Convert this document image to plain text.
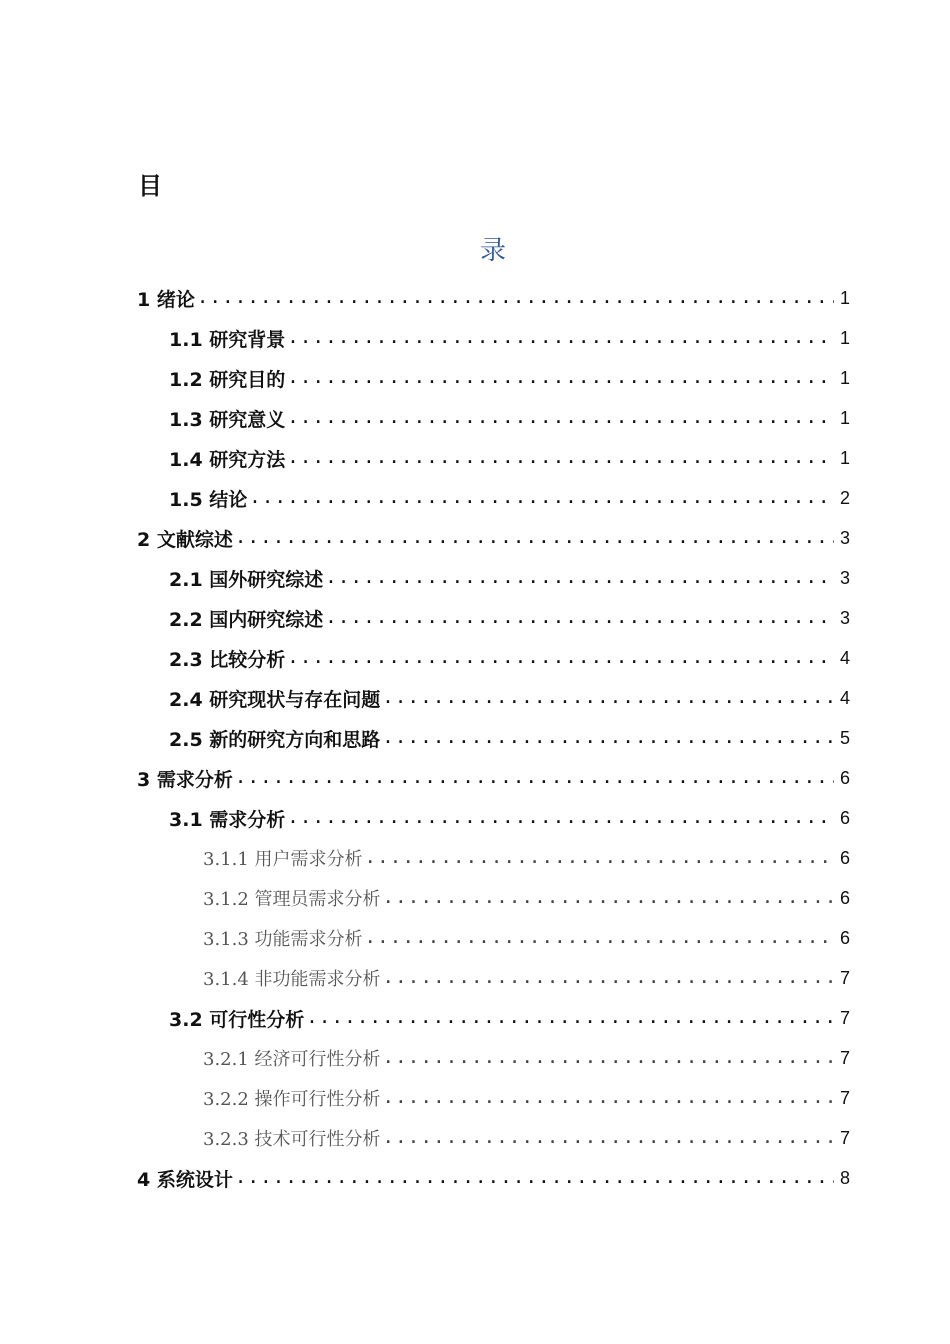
目
录
1 绪论 .....	1
1.1 研究背景 .....	1
1.2 研究目的 .....	1
1.3 研究意义 .....	1
1.4 研究方法 .....	1
1.5 结论 .....	2
2 文献综述 .....	3
2.1 国外研究综述 .....	3
2.2 国内研究综述 .....	3
2.3 比较分析 .....	4
2.4 研究现状与存在问题 .....	4
2.5 新的研究方向和思路 .....	5
3 需求分析 .....	6
3.1 需求分析 .....	6
3.1.1 用户需求分析 .....	6
3.1.2 管理员需求分析 .....	6
3.1.3 功能需求分析 .....	6
3.1.4 非功能需求分析 .....	7
3.2 可行性分析 .....	7
3.2.1 经济可行性分析 .....	7
3.2.2 操作可行性分析 .....	7
3.2.3 技术可行性分析 .....	7
4 系统设计 .....	8
